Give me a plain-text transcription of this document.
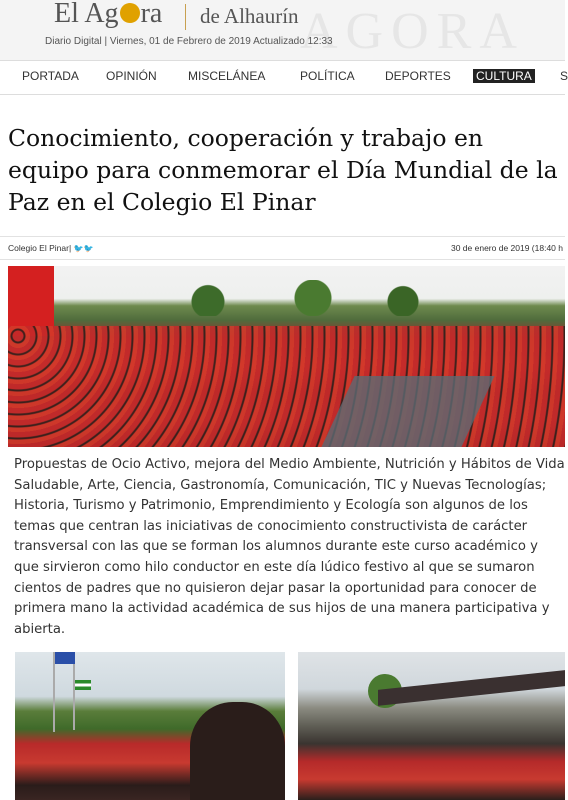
AGORA
El Ag ra de Alhaurín
Diario Digital | Viernes, 01 de Febrero de 2019 Actualizado 12:33
PORTADA OPINIÓN	MISCELÁNEA	POLÍTICA	DEPORTES CULTURA S
Conocimiento, cooperación y trabajo en equipo para conmemorar el Día Mundial de la Paz en el Colegio El Pinar
Colegio El Pinar| 🐦🐦	30 de enero de 2019 (18:40 h

Propuestas de Ocio Activo, mejora del Medio Ambiente, Nutrición y Hábitos de Vida Saludable, Arte, Ciencia, Gastronomía, Comunicación, TIC y Nuevas Tecnologías; Historia, Turismo y Patrimonio, Emprendimiento y Ecología son algunos de los temas que centran las iniciativas de conocimiento constructivista de carácter transversal con las que se forman los alumnos durante este curso académico y que sirvieron como hilo conductor en este día lúdico festivo al que se sumaron cientos de padres que no quisieron dejar pasar la oportunidad para conocer de primera mano la actividad académica de sus hijos de una manera participativa y abierta.
